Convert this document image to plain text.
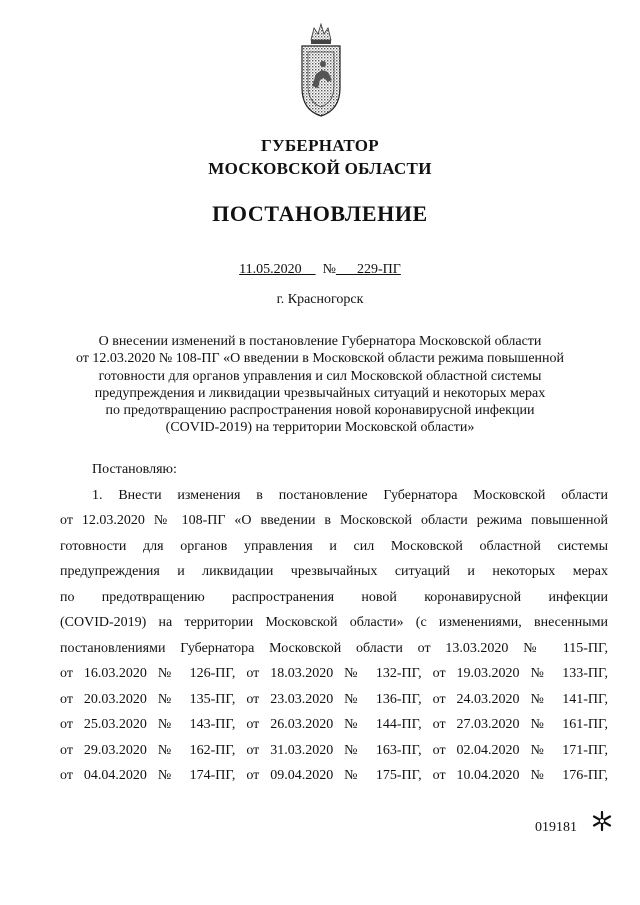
ГУБЕРНАТОР
МОСКОВСКОЙ ОБЛАСТИ
ПОСТАНОВЛЕНИЕ
11.05.2020 № 229-ПГ
г. Красногорск
О внесении изменений в постановление Губернатора Московской области
от 12.03.2020 № 108-ПГ «О введении в Московской области режима повышенной
готовности для органов управления и сил Московской областной системы
предупреждения и ликвидации чрезвычайных ситуаций и некоторых мерах
по предотвращению распространения новой коронавирусной инфекции
(COVID-2019) на территории Московской области»
Постановляю:
1. Внести изменения в постановление Губернатора Московской области
от 12.03.2020 № 108-ПГ «О введении в Московской области режима повышенной
готовности для органов управления и сил Московской областной системы
предупреждения и ликвидации чрезвычайных ситуаций и некоторых мерах
по предотвращению распространения новой коронавирусной инфекции
(COVID-2019) на территории Московской области» (с изменениями, внесенными
постановлениями Губернатора Московской области от 13.03.2020 № 115-ПГ,
от 16.03.2020 № 126-ПГ, от 18.03.2020 № 132-ПГ, от 19.03.2020 № 133-ПГ,
от 20.03.2020 № 135-ПГ, от 23.03.2020 № 136-ПГ, от 24.03.2020 № 141-ПГ,
от 25.03.2020 № 143-ПГ, от 26.03.2020 № 144-ПГ, от 27.03.2020 № 161-ПГ,
от 29.03.2020 № 162-ПГ, от 31.03.2020 № 163-ПГ, от 02.04.2020 № 171-ПГ,
от 04.04.2020 № 174-ПГ, от 09.04.2020 № 175-ПГ, от 10.04.2020 № 176-ПГ,
019181
